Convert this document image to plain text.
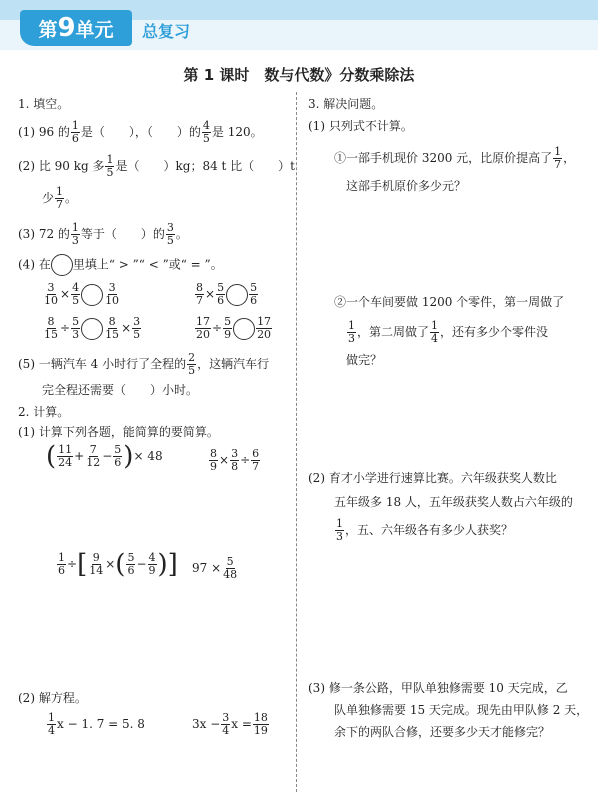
第9单元	总复习
第 1 课时　数与代数》分数乘除法
1. 填空。
(1) 96 的 $\frac{1}{6}$ 是（　　），（　　）的 $\frac{4}{5}$ 是 120。
(2) 比 90 kg 多 $\frac{1}{5}$ 是（　　）kg；84 t 比（　　）t
少 $\frac{1}{7}$ 。
(3) 72 的 $\frac{1}{3}$ 等于（　　）的 $\frac{3}{5}$ 。
(4) 在 里填上“ > ”“ < ”或“ = ”。
$\frac{3}{10} \times \frac{4}{5} \frac{3}{10}$	$\frac{8}{7} \times \frac{5}{6} \frac{5}{6}$
$\frac{8}{15} \div \frac{5}{3} \frac{8}{15} \times \frac{3}{5}$	$\frac{17}{20} \div \frac{5}{9} \frac{17}{20}$
(5) 一辆汽车 4 小时行了全程的 $\frac{2}{5}$ ，这辆汽车行
完全程还需要（　　）小时。
2. 计算。
(1) 计算下列各题，能简算的要简算。
( $\frac{11}{24} + \frac{7}{12} - \frac{5}{6}$ )× 48	$\frac{8}{9} \times \frac{3}{8} \div \frac{6}{7}$
$\frac{1}{6}$ ÷[ $\frac{9}{14}$ ×( $\frac{5}{6} - \frac{4}{9}$ )] $97 \times \frac{5}{48}$
(2) 解方程。
$\frac{1}{4}$ x − 1. 7 = 5. 8	$3x - \frac{3}{4}$ $x = \frac{18}{19}$
3. 解决问题。
(1) 只列式不计算。
①一部手机现价 3200 元，比原价提高了 $\frac{1}{7}$ ，
这部手机原价多少元？
②一个车间要做 1200 个零件，第一周做了
$\frac{1}{3}$ ，第二周做了 $\frac{1}{4}$ ，还有多少个零件没
做完？
(2) 育才小学进行速算比赛。六年级获奖人数比
五年级多 18 人，五年级获奖人数占六年级的
$\frac{1}{3}$ ，五、六年级各有多少人获奖？
(3) 修一条公路，甲队单独修需要 10 天完成，乙
队单独修需要 15 天完成。现先由甲队修 2 天，
余下的两队合修，还要多少天才能修完？
